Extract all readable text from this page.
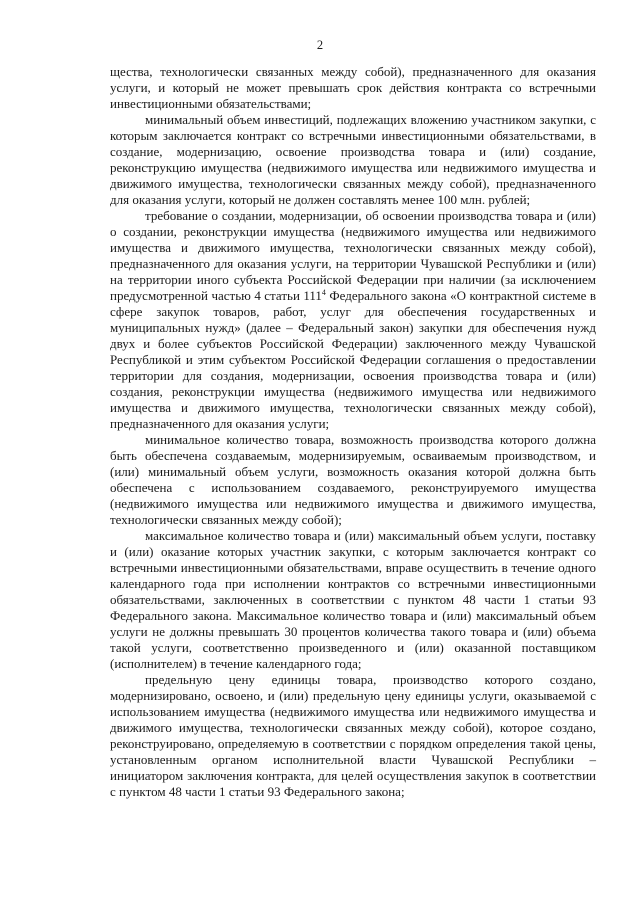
2

щества, технологически связанных между собой), предназначенного для оказания услуги, и который не может превышать срок действия контракта со встречными инвестиционными обязательствами;

минимальный объем инвестиций, подлежащих вложению участником закупки, с которым заключается контракт со встречными инвестиционными обязательствами, в создание, модернизацию, освоение производства товара и (или) создание, реконструкцию имущества (недвижимого имущества или недвижимого имущества и движимого имущества, технологически связанных между собой), предназначенного для оказания услуги, который не должен составлять менее 100 млн. рублей;

требование о создании, модернизации, об освоении производства товара и (или) о создании, реконструкции имущества (недвижимого имущества или недвижимого имущества и движимого имущества, технологически связанных между собой), предназначенного для оказания услуги, на территории Чувашской Республики и (или) на территории иного субъекта Российской Федерации при наличии (за исключением предусмотренной частью 4 статьи $111^4$ Федерального закона «О контрактной системе в сфере закупок товаров, работ, услуг для обеспечения государственных и муниципальных нужд» (далее – Федеральный закон) закупки для обеспечения нужд двух и более субъектов Российской Федерации) заключенного между Чувашской Республикой и этим субъектом Российской Федерации соглашения о предоставлении территории для создания, модернизации, освоения производства товара и (или) создания, реконструкции имущества (недвижимого имущества или недвижимого имущества и движимого имущества, технологически связанных между собой), предназначенного для оказания услуги;

минимальное количество товара, возможность производства которого должна быть обеспечена создаваемым, модернизируемым, осваиваемым производством, и (или) минимальный объем услуги, возможность оказания которой должна быть обеспечена с использованием создаваемого, реконструируемого имущества (недвижимого имущества или недвижимого имущества и движимого имущества, технологически связанных между собой);

максимальное количество товара и (или) максимальный объем услуги, поставку и (или) оказание которых участник закупки, с которым заключается контракт со встречными инвестиционными обязательствами, вправе осуществить в течение одного календарного года при исполнении контрактов со встречными инвестиционными обязательствами, заключенных в соответствии с пунктом 48 части 1 статьи 93 Федерального закона. Максимальное количество товара и (или) максимальный объем услуги не должны превышать 30 процентов количества такого товара и (или) объема такой услуги, соответственно произведенного и (или) оказанной поставщиком (исполнителем) в течение календарного года;

предельную цену единицы товара, производство которого создано, модернизировано, освоено, и (или) предельную цену единицы услуги, оказываемой с использованием имущества (недвижимого имущества или недвижимого имущества и движимого имущества, технологически связанных между собой), которое создано, реконструировано, определяемую в соответствии с порядком определения такой цены, установленным органом исполнительной власти Чувашской Республики – инициатором заключения контракта, для целей осуществления закупок в соответствии с пунктом 48 части 1 статьи 93 Федерального закона;
